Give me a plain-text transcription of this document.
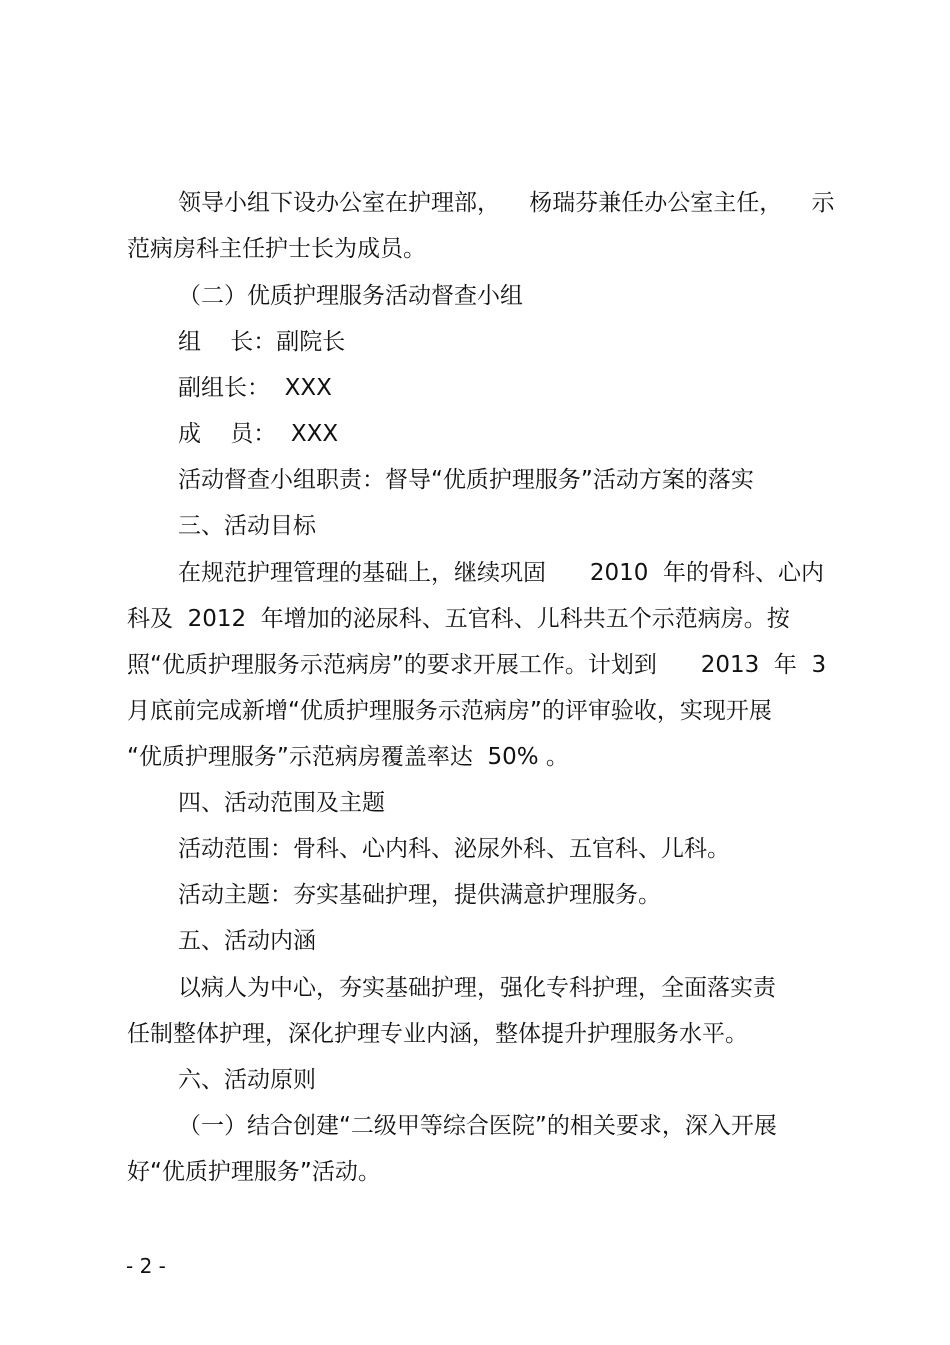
领导小组下设办公室在护理部，    杨瑞芬兼任办公室主任，    示
范病房科主任护士长为成员。
（二）优质护理服务活动督查小组
组    长：副院长
副组长：  XXX
成    员：  XXX
活动督查小组职责：督导“优质护理服务”活动方案的落实
三、活动目标
在规范护理管理的基础上，继续巩固      2010  年的骨科、心内
科及  2012  年增加的泌尿科、五官科、儿科共五个示范病房。按
照“优质护理服务示范病房”的要求开展工作。计划到      2013  年  3
月底前完成新增“优质护理服务示范病房”的评审验收，实现开展
“优质护理服务”示范病房覆盖率达  50% 。
四、活动范围及主题
活动范围：骨科、心内科、泌尿外科、五官科、儿科。
活动主题：夯实基础护理，提供满意护理服务。
五、活动内涵
以病人为中心，夯实基础护理，强化专科护理，全面落实责
任制整体护理，深化护理专业内涵，整体提升护理服务水平。
六、活动原则
（一）结合创建“二级甲等综合医院”的相关要求，深入开展
好“优质护理服务”活动。
- 2 -
